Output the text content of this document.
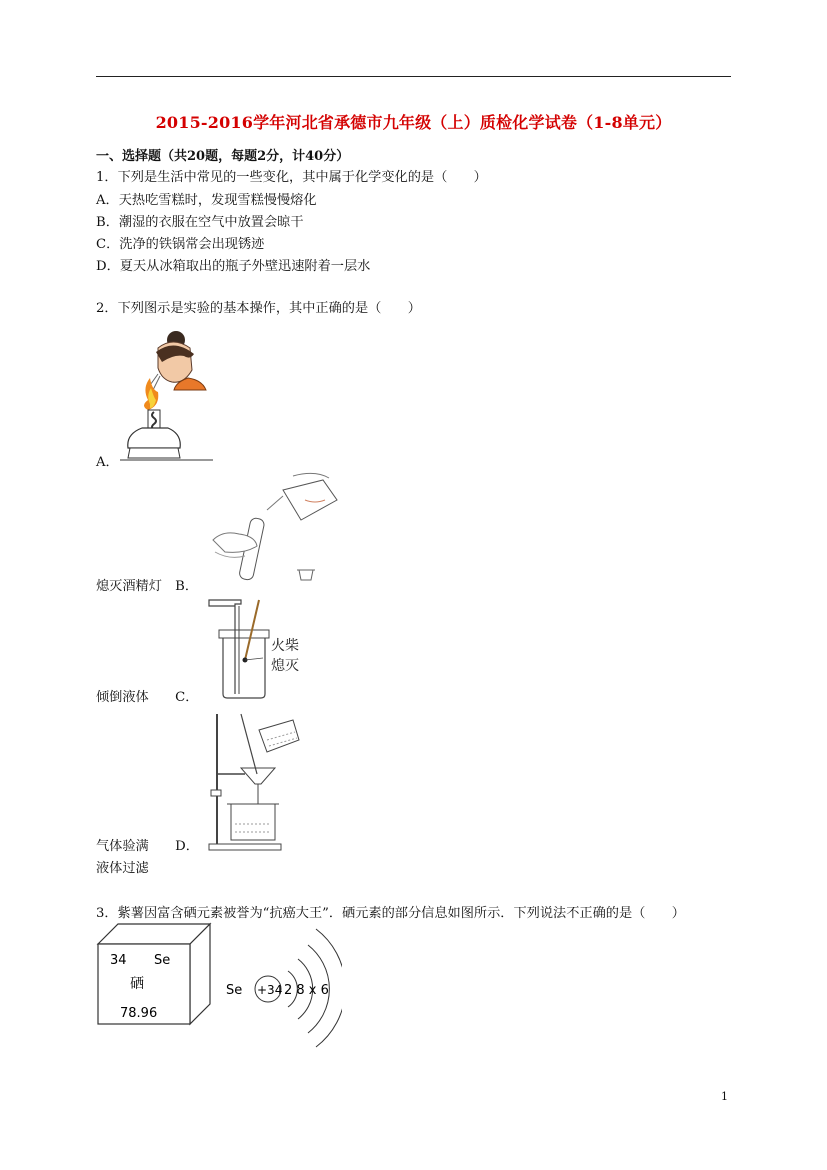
2015-2016学年河北省承德市九年级（上）质检化学试卷（1-8单元）
一、选择题（共20题，每题2分，计40分）
1．下列是生活中常见的一些变化，其中属于化学变化的是（　　）
A．天热吃雪糕时，发现雪糕慢慢熔化
B．潮湿的衣服在空气中放置会晾干
C．洗净的铁锅常会出现锈迹
D．夏天从冰箱取出的瓶子外壁迅速附着一层水
2．下列图示是实验的基本操作，其中正确的是（　　）
A．
熄灭酒精灯　B．
火柴
熄灭
倾倒液体　　C．
气体验满　　D．
液体过滤
3．紫薯因富含硒元素被誉为“抗癌大王”．硒元素的部分信息如图所示．下列说法不正确的是（　　）
34 Se
硒
78.96
Se +34 2 8 x 6
1
